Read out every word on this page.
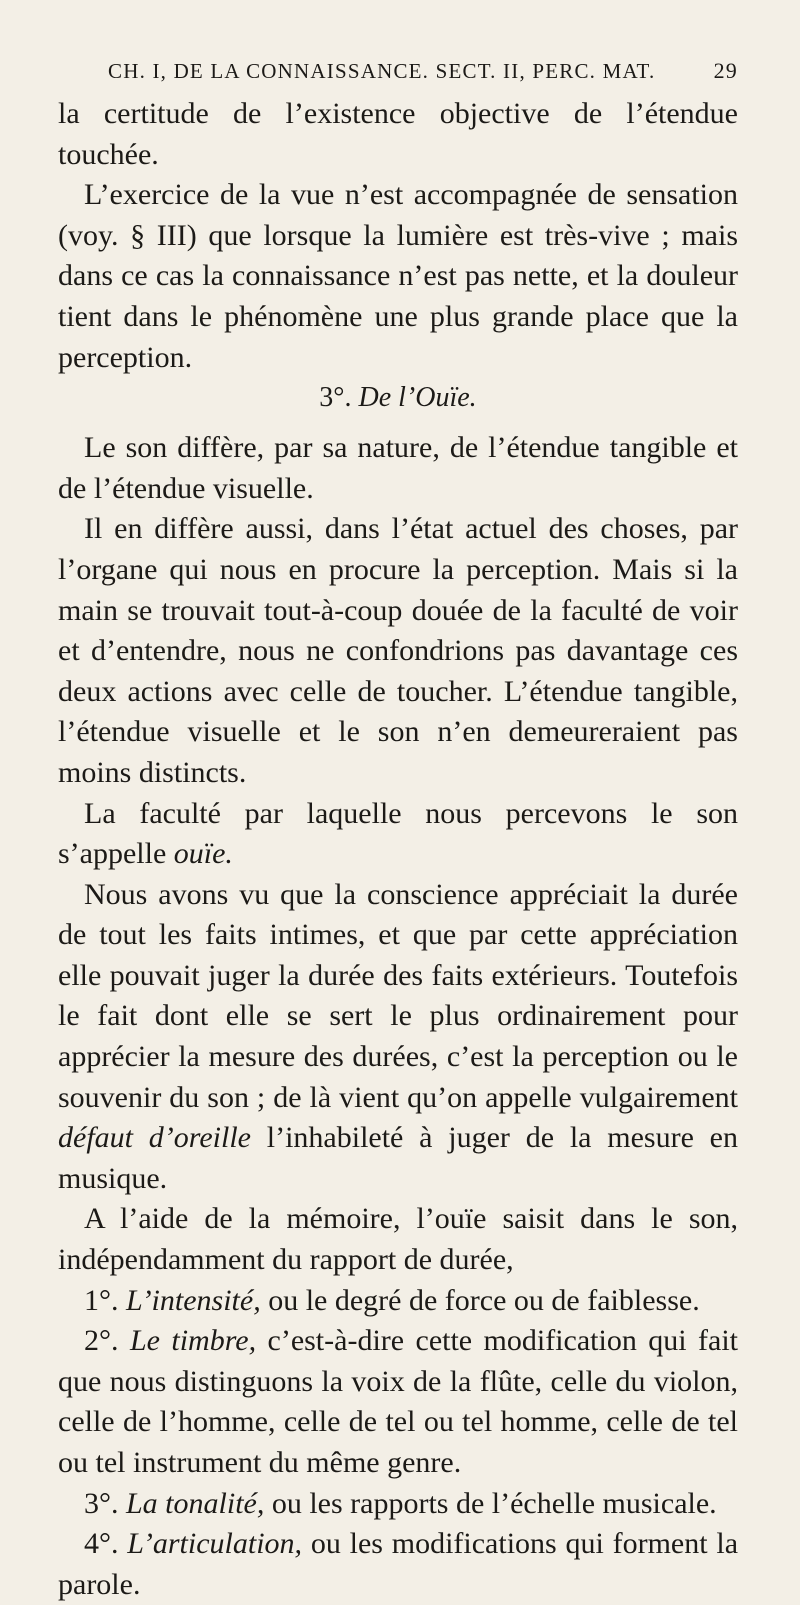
CH. I, DE LA CONNAISSANCE. SECT. II, PERC. MAT.	29

la certitude de l’existence objective de l’étendue touchée.

L’exercice de la vue n’est accompagnée de sensation (voy. § III) que lorsque la lumière est très-vive ; mais dans ce cas la connaissance n’est pas nette, et la douleur tient dans le phénomène une plus grande place que la perception.

3°. De l’Ouïe.

Le son diffère, par sa nature, de l’étendue tangible et de l’étendue visuelle.

Il en diffère aussi, dans l’état actuel des choses, par l’organe qui nous en procure la perception. Mais si la main se trouvait tout-à-coup douée de la faculté de voir et d’entendre, nous ne confondrions pas davantage ces deux actions avec celle de toucher. L’étendue tangible, l’étendue visuelle et le son n’en demeureraient pas moins distincts.

La faculté par laquelle nous percevons le son s’appelle ouïe.

Nous avons vu que la conscience appréciait la durée de tout les faits intimes, et que par cette appréciation elle pouvait juger la durée des faits extérieurs. Toutefois le fait dont elle se sert le plus ordinairement pour apprécier la mesure des durées, c’est la perception ou le souvenir du son ; de là vient qu’on appelle vulgairement défaut d’oreille l’inhabileté à juger de la mesure en musique.

A l’aide de la mémoire, l’ouïe saisit dans le son, indépendamment du rapport de durée,

1°. L’intensité, ou le degré de force ou de faiblesse.

2°. Le timbre, c’est-à-dire cette modification qui fait que nous distinguons la voix de la flûte, celle du violon, celle de l’homme, celle de tel ou tel homme, celle de tel ou tel instrument du même genre.

3°. La tonalité, ou les rapports de l’échelle musicale.

4°. L’articulation, ou les modifications qui forment la parole.
